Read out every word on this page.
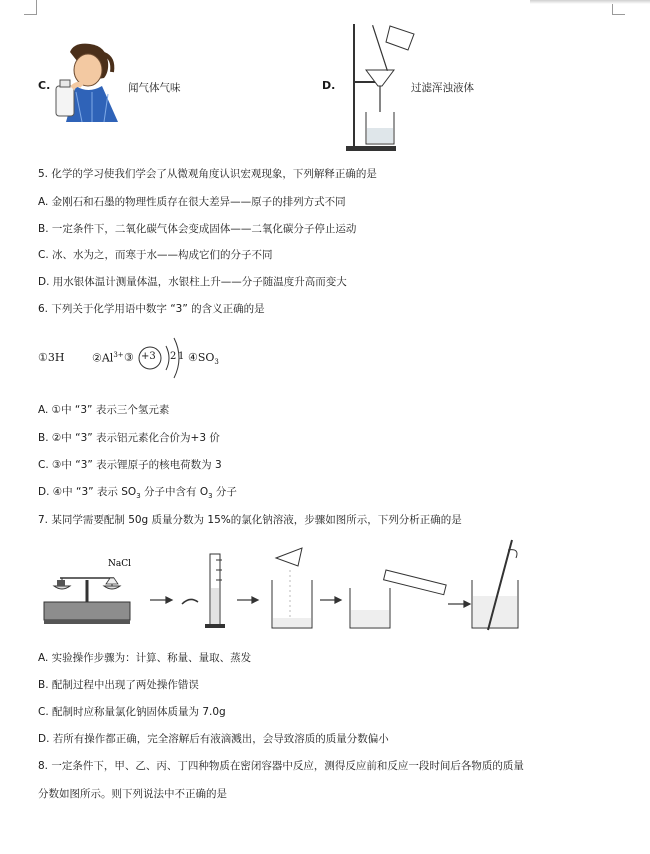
C.	闻气体气味	D.	过滤浑浊液体
5. 化学的学习使我们学会了从微观角度认识宏观现象，下列解释正确的是
A. 金刚石和石墨的物理性质存在很大差异——原子的排列方式不同
B. 一定条件下，二氧化碳气体会变成固体——二氧化碳分子停止运动
C. 冰、水为之，而寒于水——构成它们的分子不同
D. 用水银体温计测量体温，水银柱上升——分子随温度升高而变大
6. 下列关于化学用语中数字 “3” 的含义正确的是
①3H	$②Al^{3+}$ ③ +3 2 1 $④SO_3$
A. ①中 “3” 表示三个氢元素
B. ②中 “3” 表示铝元素化合价为+3 价
C. ③中 “3” 表示锂原子的核电荷数为 3
D. ④中 “3” 表示 $SO_3$ 分子中含有 $O_3$ 分子
7. 某同学需要配制 50g 质量分数为 15%的氯化钠溶液，步骤如图所示，下列分析正确的是
NaCl
A. 实验操作步骤为：计算、称量、量取、蒸发
B. 配制过程中出现了两处操作错误
C. 配制时应称量氯化钠固体质量为 7.0g
D. 若所有操作都正确，完全溶解后有液滴溅出，会导致溶质的质量分数偏小
8. 一定条件下，甲、乙、丙、丁四种物质在密闭容器中反应，测得反应前和反应一段时间后各物质的质量
分数如图所示。则下列说法中不正确的是
